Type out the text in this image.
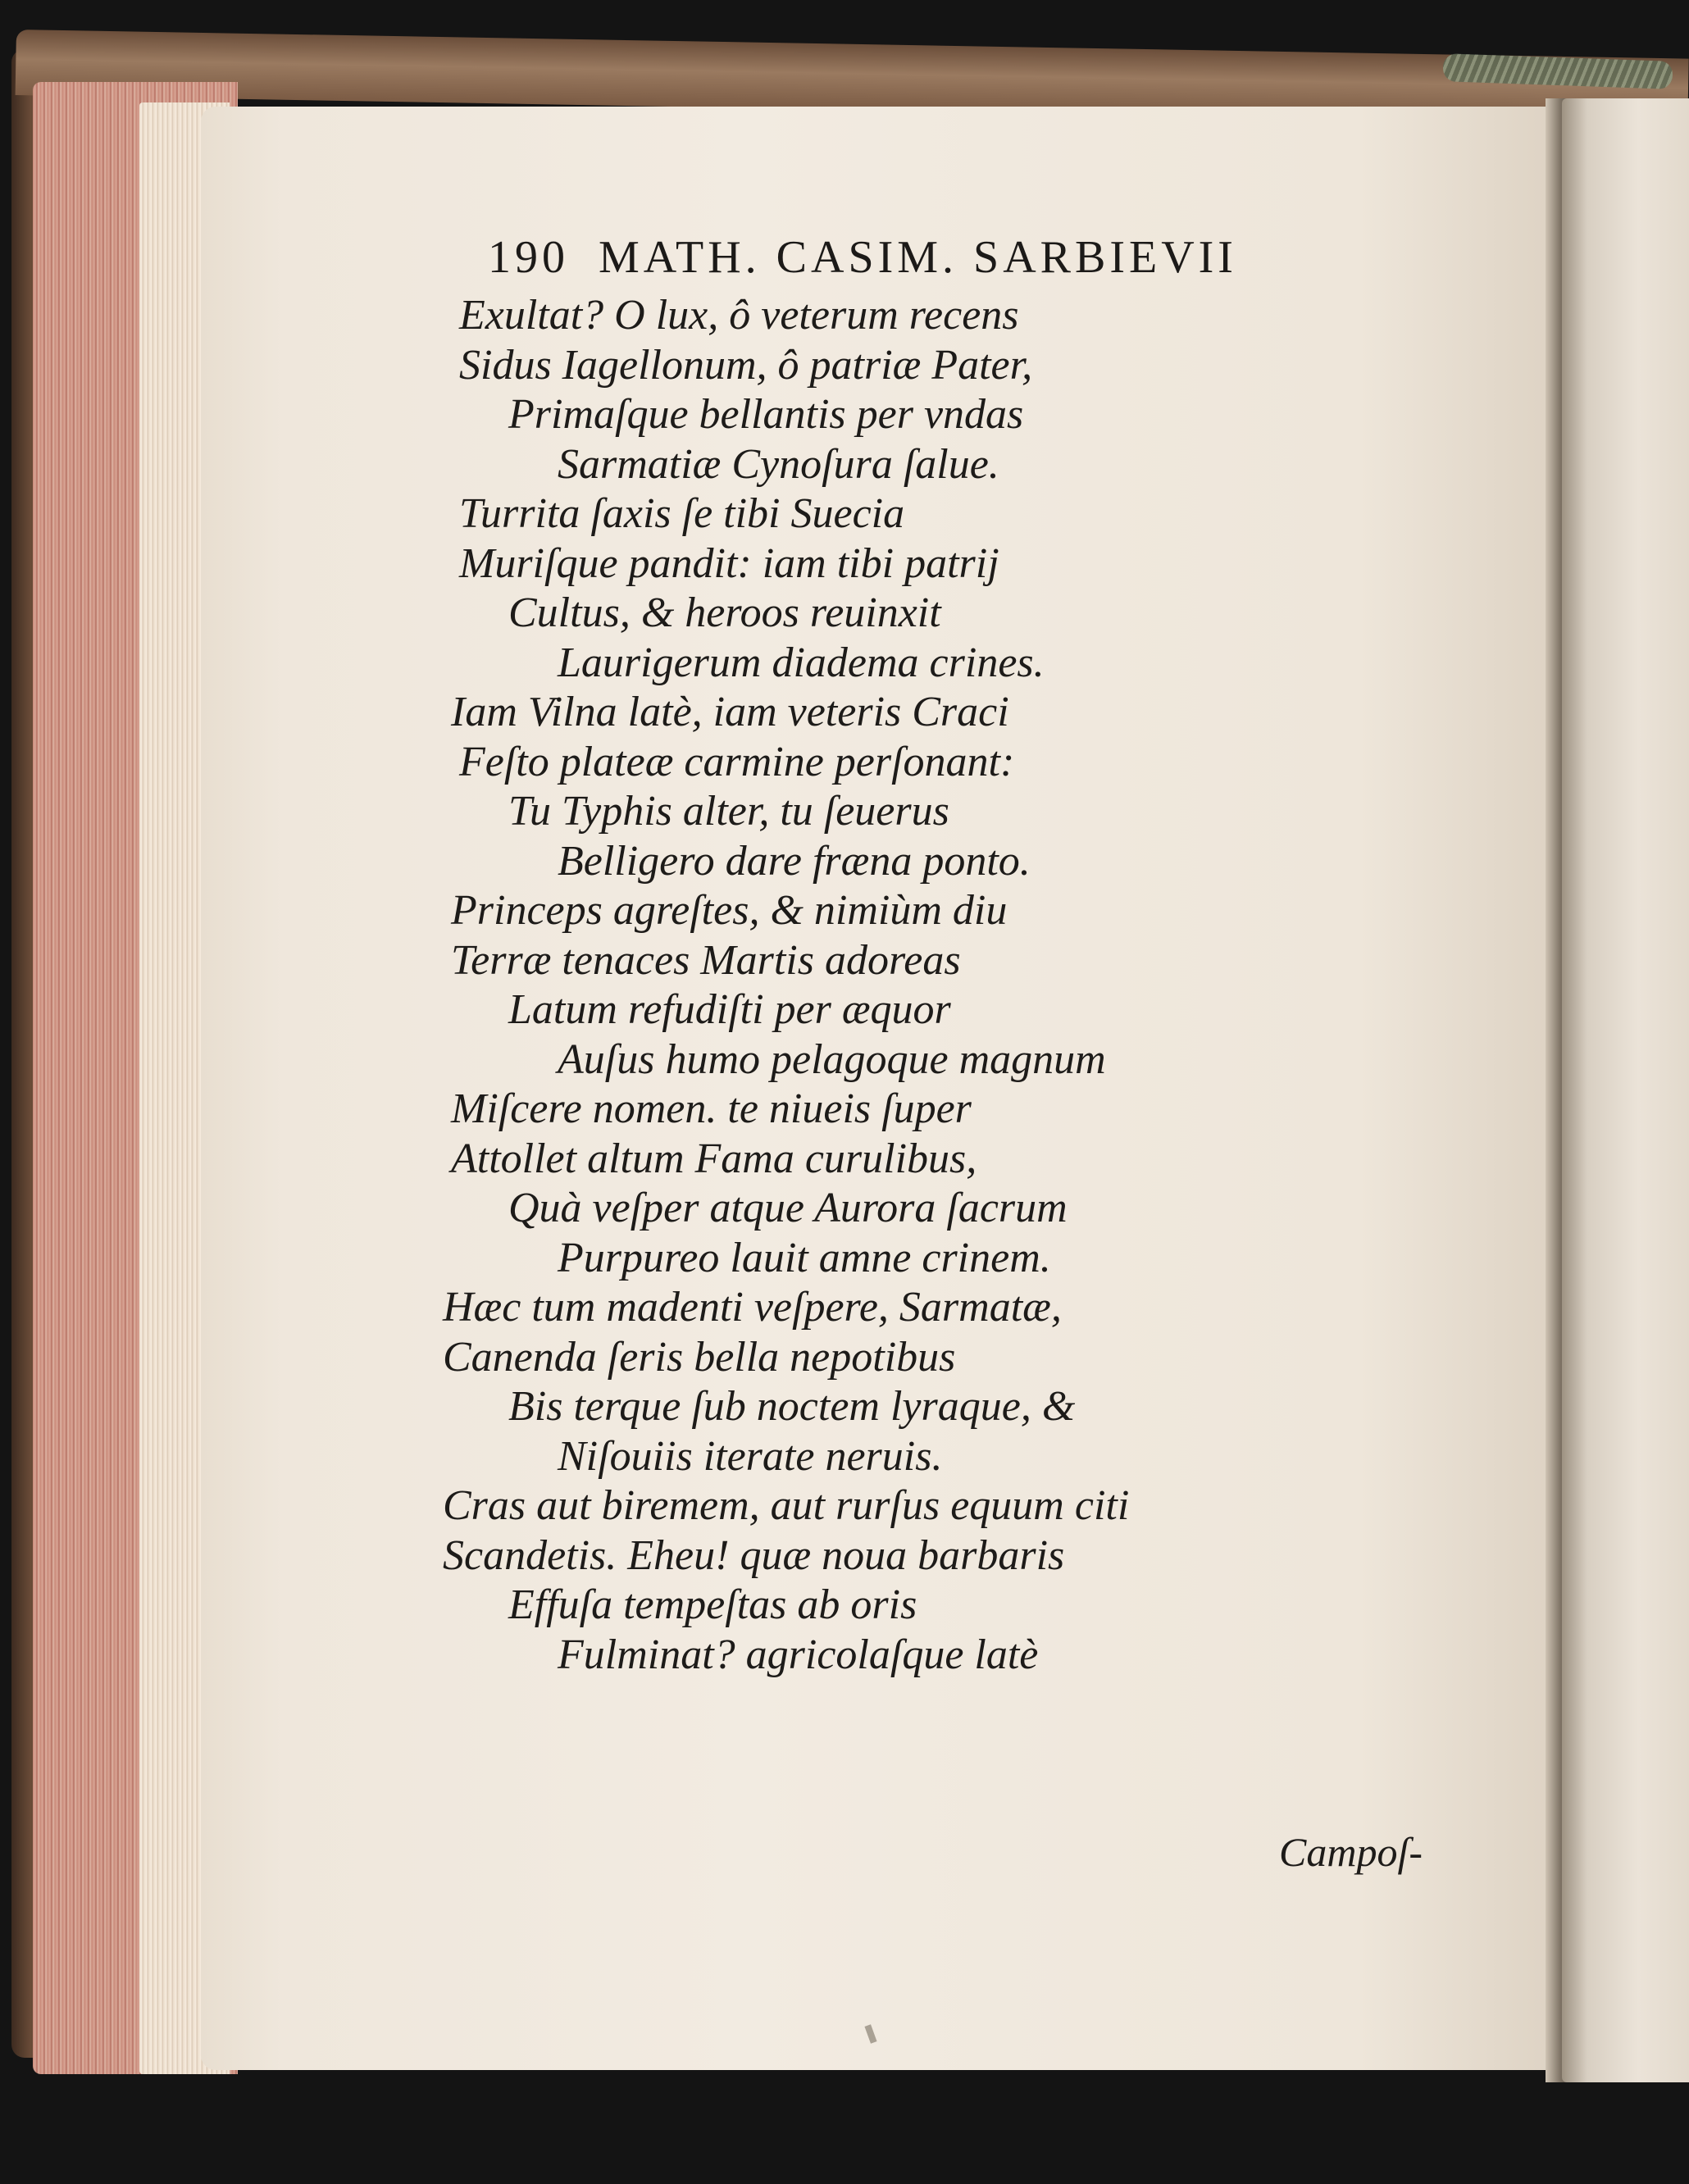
190 MATH. CASIM. SARBIEVII
Exultat? O lux, ô veterum recens
Sidus Iagellonum, ô patriæ Pater,
Primaſque bellantis per vndas
Sarmatiæ Cynoſura ſalue.
Turrita ſaxis ſe tibi Suecia
Muriſque pandit: iam tibi patrij
Cultus, & heroos reuinxit
Laurigerum diadema crines.
Iam Vilna latè, iam veteris Craci
Feſto plateæ carmine perſonant:
Tu Typhis alter, tu ſeuerus
Belligero dare fræna ponto.
Princeps agreſtes, & nimiùm diu
Terræ tenaces Martis adoreas
Latum refudiſti per æquor
Auſus humo pelagoque magnum
Miſcere nomen. te niueis ſuper
Attollet altum Fama curulibus,
Quà veſper atque Aurora ſacrum
Purpureo lauit amne crinem.
Hæc tum madenti veſpere, Sarmatæ,
Canenda ſeris bella nepotibus
Bis terque ſub noctem lyraque, &
Niſouiis iterate neruis.
Cras aut biremem, aut rurſus equum citi
Scandetis. Eheu! quæ noua barbaris
Effuſa tempeſtas ab oris
Fulminat? agricolaſque latè
Campoſ-
